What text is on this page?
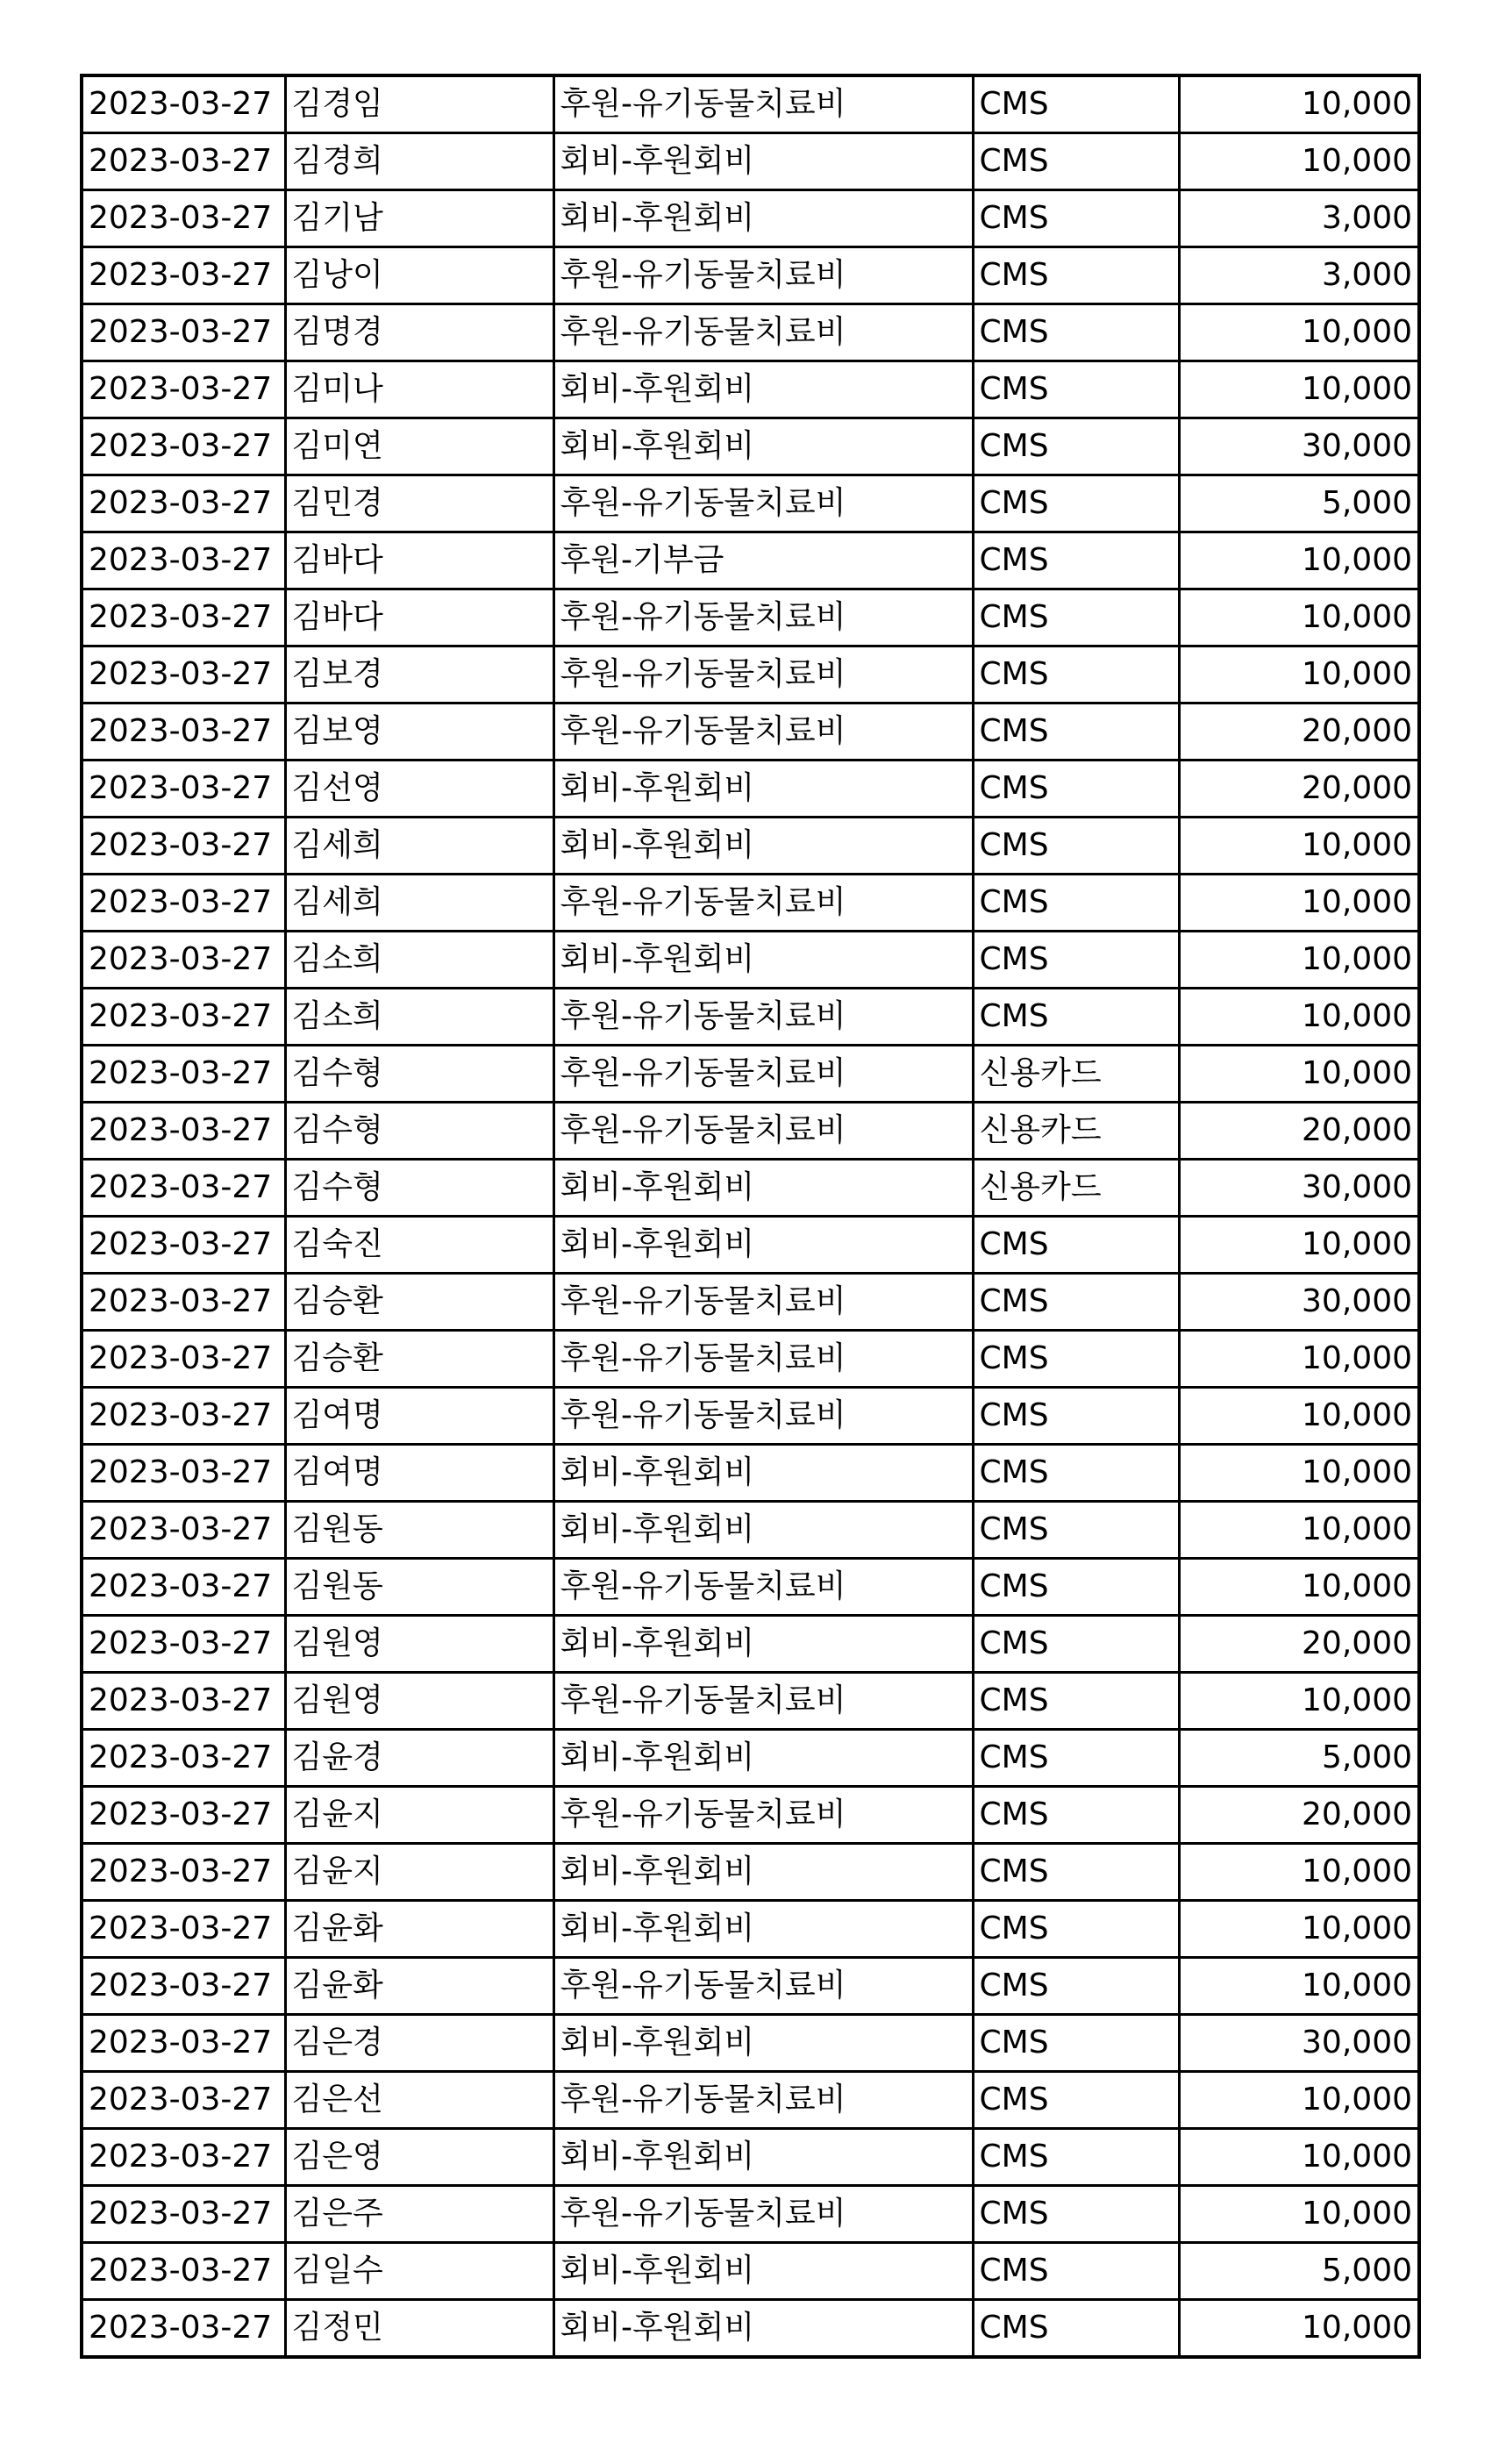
2023-03-27	김경임	후원-유기동물치료비	CMS	10,000
2023-03-27	김경희	회비-후원회비	CMS	10,000
2023-03-27	김기남	회비-후원회비	CMS	3,000
2023-03-27	김낭이	후원-유기동물치료비	CMS	3,000
2023-03-27	김명경	후원-유기동물치료비	CMS	10,000
2023-03-27	김미나	회비-후원회비	CMS	10,000
2023-03-27	김미연	회비-후원회비	CMS	30,000
2023-03-27	김민경	후원-유기동물치료비	CMS	5,000
2023-03-27	김바다	후원-기부금	CMS	10,000
2023-03-27	김바다	후원-유기동물치료비	CMS	10,000
2023-03-27	김보경	후원-유기동물치료비	CMS	10,000
2023-03-27	김보영	후원-유기동물치료비	CMS	20,000
2023-03-27	김선영	회비-후원회비	CMS	20,000
2023-03-27	김세희	회비-후원회비	CMS	10,000
2023-03-27	김세희	후원-유기동물치료비	CMS	10,000
2023-03-27	김소희	회비-후원회비	CMS	10,000
2023-03-27	김소희	후원-유기동물치료비	CMS	10,000
2023-03-27	김수형	후원-유기동물치료비	신용카드	10,000
2023-03-27	김수형	후원-유기동물치료비	신용카드	20,000
2023-03-27	김수형	회비-후원회비	신용카드	30,000
2023-03-27	김숙진	회비-후원회비	CMS	10,000
2023-03-27	김승환	후원-유기동물치료비	CMS	30,000
2023-03-27	김승환	후원-유기동물치료비	CMS	10,000
2023-03-27	김여명	후원-유기동물치료비	CMS	10,000
2023-03-27	김여명	회비-후원회비	CMS	10,000
2023-03-27	김원동	회비-후원회비	CMS	10,000
2023-03-27	김원동	후원-유기동물치료비	CMS	10,000
2023-03-27	김원영	회비-후원회비	CMS	20,000
2023-03-27	김원영	후원-유기동물치료비	CMS	10,000
2023-03-27	김윤경	회비-후원회비	CMS	5,000
2023-03-27	김윤지	후원-유기동물치료비	CMS	20,000
2023-03-27	김윤지	회비-후원회비	CMS	10,000
2023-03-27	김윤화	회비-후원회비	CMS	10,000
2023-03-27	김윤화	후원-유기동물치료비	CMS	10,000
2023-03-27	김은경	회비-후원회비	CMS	30,000
2023-03-27	김은선	후원-유기동물치료비	CMS	10,000
2023-03-27	김은영	회비-후원회비	CMS	10,000
2023-03-27	김은주	후원-유기동물치료비	CMS	10,000
2023-03-27	김일수	회비-후원회비	CMS	5,000
2023-03-27	김정민	회비-후원회비	CMS	10,000
